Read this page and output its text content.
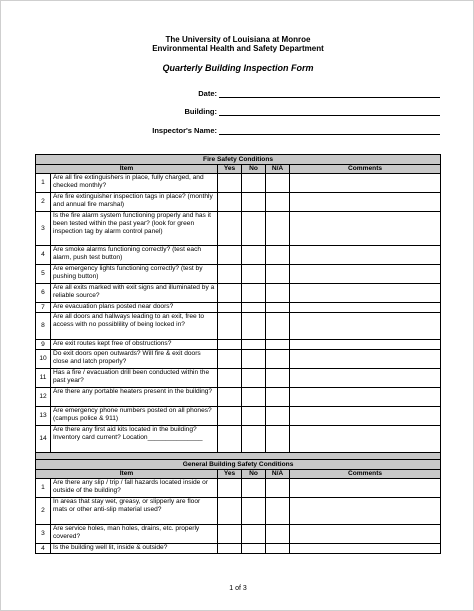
The University of Louisiana at Monroe
Environmental Health and Safety Department
Quarterly Building Inspection Form
Date:
Building:
Inspector's Name:
Fire Safety Conditions					
Item		Yes	No	N/A	Comments
1	Are all fire extinguishers in place, fully charged, and checked monthly?				
2	Are fire extinguisher inspection tags in place? (monthly and annual fire marshal)				
3	Is the fire alarm system functioning properly and has it been tested within the past year? (look for green inspection tag by alarm control panel)				
4	Are smoke alarms functioning correctly? (test each alarm, push test button)				
5	Are emergency lights functioning correctly? (test by pushing button)				
6	Are all exits marked with exit signs and illuminated by a reliable source?				
7	Are evacuation plans posted near doors?				
8	Are all doors and hallways leading to an exit, free to access with no possiblility of being locked in?				
9	Are exit routes kept free of obstructions?				
10	Do exit doors open outwards? Will fire & exit doors close and latch properly?				
11	Has a fire / evacuation drill been conducted within the past year?				
12	Are there any portable heaters present in the building?				
13	Are emergency phone numbers posted on all phones? (campus police & 911)				
14	Are there any first aid kits located in the building? Inventory card current? Location_______________				

General Building Safety Conditions					
Item		Yes	No	N/A	Comments
1	Are there any slip / trip / fall hazards located inside or outside of the building?				
2	In areas that stay wet, greasy, or slipperly are floor mats or other anti-slip material used?				
3	Are service holes, man holes, drains, etc. properly covered?				
4	Is the building well lit, inside & outside?				
1 of 3
